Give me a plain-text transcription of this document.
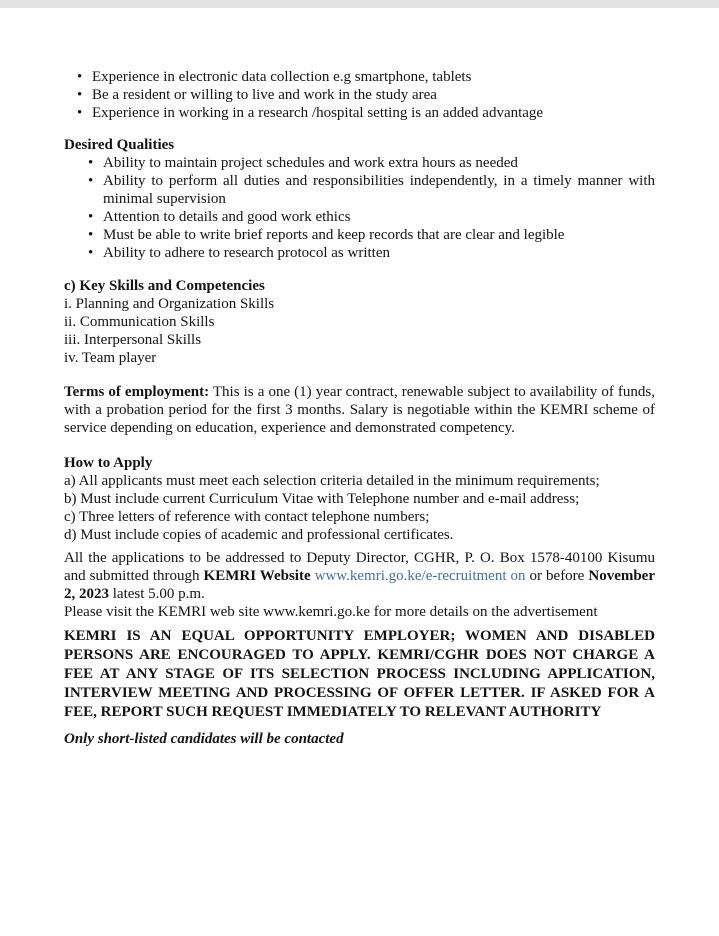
• Experience in electronic data collection e.g smartphone, tablets
• Be a resident or willing to live and work in the study area
• Experience in working in a research /hospital setting is an added advantage
Desired Qualities
• Ability to maintain project schedules and work extra hours as needed
• Ability to perform all duties and responsibilities independently, in a timely manner with minimal supervision
• Attention to details and good work ethics
• Must be able to write brief reports and keep records that are clear and legible
• Ability to adhere to research protocol as written
c) Key Skills and Competencies
i. Planning and Organization Skills
ii. Communication Skills
iii. Interpersonal Skills
iv. Team player

Terms of employment: This is a one (1) year contract, renewable subject to availability of funds, with a probation period for the first 3 months. Salary is negotiable within the KEMRI scheme of service depending on education, experience and demonstrated competency.

How to Apply
a) All applicants must meet each selection criteria detailed in the minimum requirements;
b) Must include current Curriculum Vitae with Telephone number and e-mail address;
c) Three letters of reference with contact telephone numbers;
d) Must include copies of academic and professional certificates.

All the applications to be addressed to Deputy Director, CGHR, P. O. Box 1578-40100 Kisumu and submitted through KEMRI Website www.kemri.go.ke/e-recruitment on or before November 2, 2023 latest 5.00 p.m.

Please visit the KEMRI web site www.kemri.go.ke for more details on the advertisement

KEMRI IS AN EQUAL OPPORTUNITY EMPLOYER; WOMEN AND DISABLED PERSONS ARE ENCOURAGED TO APPLY. KEMRI/CGHR DOES NOT CHARGE A FEE AT ANY STAGE OF ITS SELECTION PROCESS INCLUDING APPLICATION, INTERVIEW MEETING AND PROCESSING OF OFFER LETTER. IF ASKED FOR A FEE, REPORT SUCH REQUEST IMMEDIATELY TO RELEVANT AUTHORITY

Only short-listed candidates will be contacted
